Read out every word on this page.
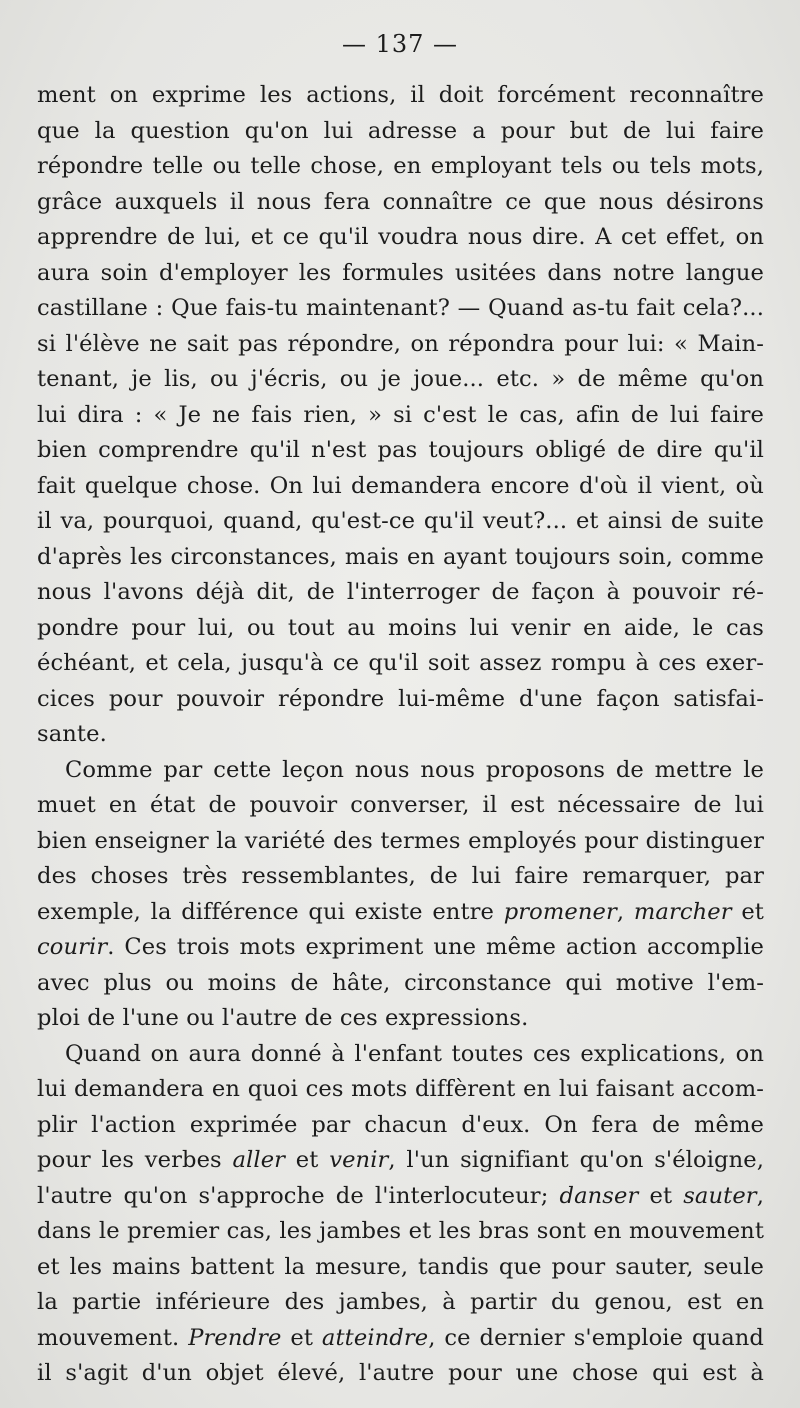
— 137 —
ment on exprime les actions, il doit forcément reconnaître
que la question qu'on lui adresse a pour but de lui faire
répondre telle ou telle chose, en employant tels ou tels mots,
grâce auxquels il nous fera connaître ce que nous désirons
apprendre de lui, et ce qu'il voudra nous dire. A cet effet, on
aura soin d'employer les formules usitées dans notre langue
castillane : Que fais-tu maintenant? — Quand as-tu fait cela?...
si l'élève ne sait pas répondre, on répondra pour lui: « Main-
tenant, je lis, ou j'écris, ou je joue... etc. » de même qu'on
lui dira : « Je ne fais rien, » si c'est le cas, afin de lui faire
bien comprendre qu'il n'est pas toujours obligé de dire qu'il
fait quelque chose. On lui demandera encore d'où il vient, où
il va, pourquoi, quand, qu'est-ce qu'il veut?... et ainsi de suite
d'après les circonstances, mais en ayant toujours soin, comme
nous l'avons déjà dit, de l'interroger de façon à pouvoir ré-
pondre pour lui, ou tout au moins lui venir en aide, le cas
échéant, et cela, jusqu'à ce qu'il soit assez rompu à ces exer-
cices pour pouvoir répondre lui-même d'une façon satisfai-
sante.
Comme par cette leçon nous nous proposons de mettre le
muet en état de pouvoir converser, il est nécessaire de lui
bien enseigner la variété des termes employés pour distinguer
des choses très ressemblantes, de lui faire remarquer, par
exemple, la différence qui existe entre promener, marcher et
courir. Ces trois mots expriment une même action accomplie
avec plus ou moins de hâte, circonstance qui motive l'em-
ploi de l'une ou l'autre de ces expressions.
Quand on aura donné à l'enfant toutes ces explications, on
lui demandera en quoi ces mots diffèrent en lui faisant accom-
plir l'action exprimée par chacun d'eux. On fera de même
pour les verbes aller et venir, l'un signifiant qu'on s'éloigne,
l'autre qu'on s'approche de l'interlocuteur; danser et sauter,
dans le premier cas, les jambes et les bras sont en mouvement
et les mains battent la mesure, tandis que pour sauter, seule
la partie inférieure des jambes, à partir du genou, est en
mouvement. Prendre et atteindre, ce dernier s'emploie quand
il s'agit d'un objet élevé, l'autre pour une chose qui est à
